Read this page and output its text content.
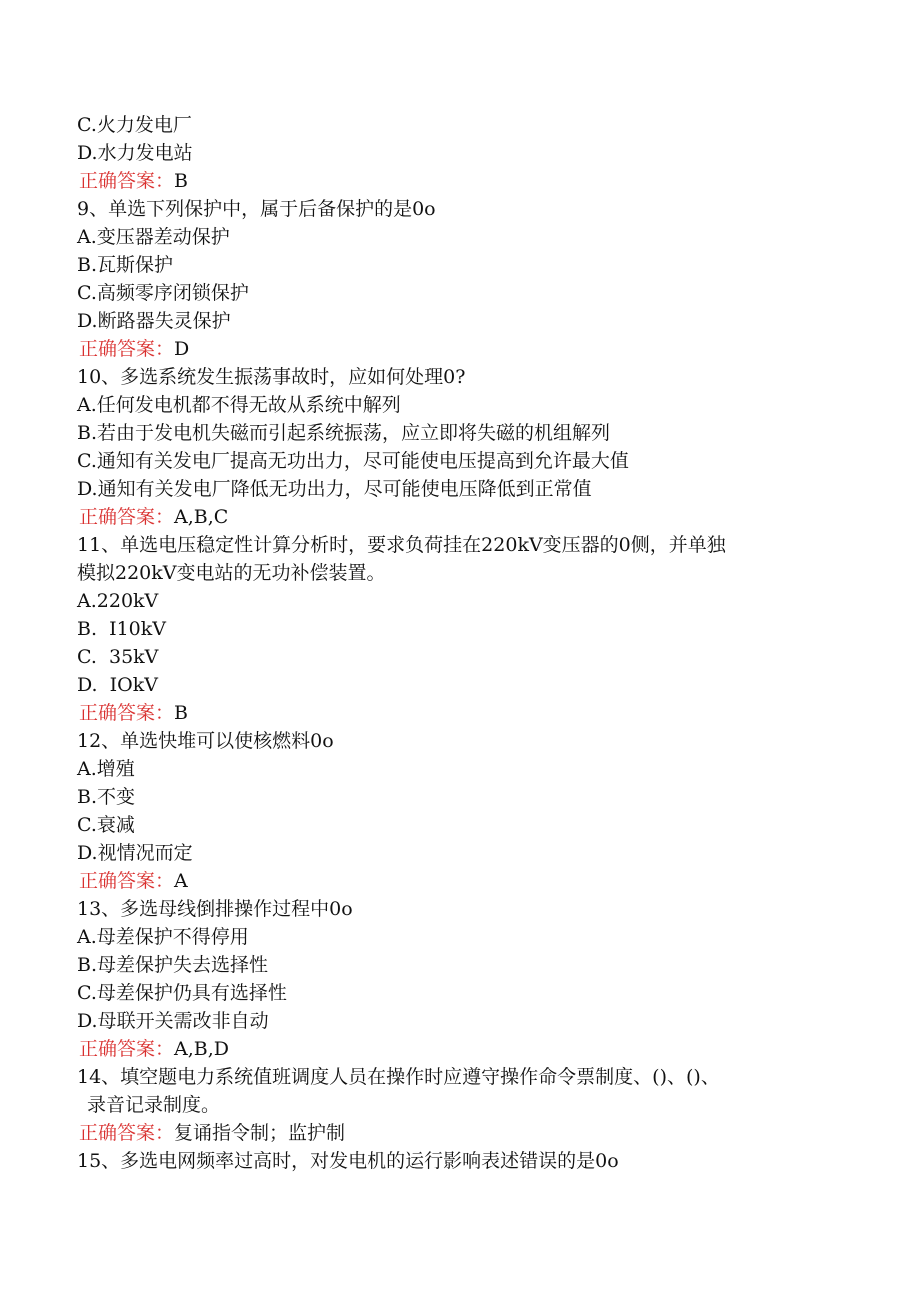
C.火力发电厂
D.水力发电站
正确答案：B
9、单选下列保护中，属于后备保护的是0o
A.变压器差动保护
B.瓦斯保护
C.高频零序闭锁保护
D.断路器失灵保护
正确答案：D
10、多选系统发生振荡事故时，应如何处理0?
A.任何发电机都不得无故从系统中解列
B.若由于发电机失磁而引起系统振荡，应立即将失磁的机组解列
C.通知有关发电厂提高无功出力，尽可能使电压提高到允许最大值
D.通知有关发电厂降低无功出力，尽可能使电压降低到正常值
正确答案：A,B,C
11、单选电压稳定性计算分析时，要求负荷挂在220kV变压器的0侧，并单独
模拟220kV变电站的无功补偿装置。
A.220kV
B.  I10kV
C.  35kV
D.  IOkV
正确答案：B
12、单选快堆可以使核燃料0o
A.增殖
B.不变
C.衰减
D.视情况而定
正确答案：A
13、多选母线倒排操作过程中0o
A.母差保护不得停用
B.母差保护失去选择性
C.母差保护仍具有选择性
D.母联开关需改非自动
正确答案：A,B,D
14、填空题电力系统值班调度人员在操作时应遵守操作命令票制度、()、()、
录音记录制度。
正确答案：复诵指令制；监护制
15、多选电网频率过高时，对发电机的运行影响表述错误的是0o
